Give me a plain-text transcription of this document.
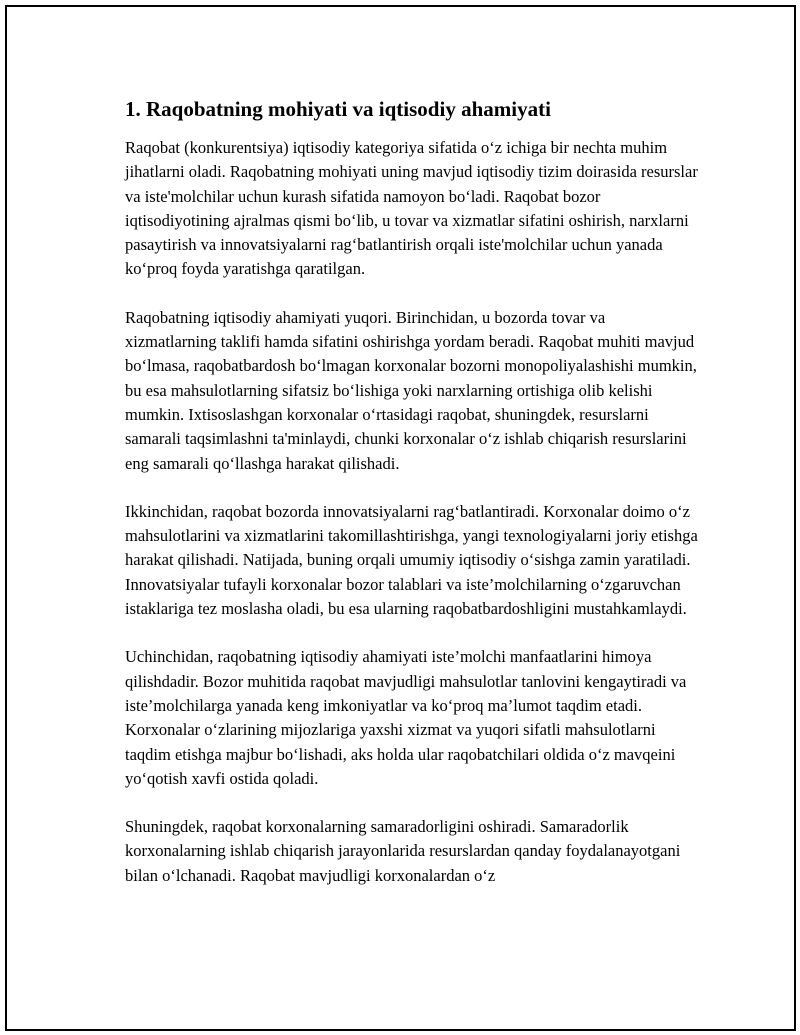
1. Raqobatning mohiyati va iqtisodiy ahamiyati

Raqobat (konkurentsiya) iqtisodiy kategoriya sifatida o‘z ichiga bir nechta muhim jihatlarni oladi. Raqobatning mohiyati uning mavjud iqtisodiy tizim doirasida resurslar va iste'molchilar uchun kurash sifatida namoyon bo‘ladi. Raqobat bozor iqtisodiyotining ajralmas qismi bo‘lib, u tovar va xizmatlar sifatini oshirish, narxlarni pasaytirish va innovatsiyalarni rag‘batlantirish orqali iste'molchilar uchun yanada ko‘proq foyda yaratishga qaratilgan.

Raqobatning iqtisodiy ahamiyati yuqori. Birinchidan, u bozorda tovar va xizmatlarning taklifi hamda sifatini oshirishga yordam beradi. Raqobat muhiti mavjud bo‘lmasa, raqobatbardosh bo‘lmagan korxonalar bozorni monopoliyalashishi mumkin, bu esa mahsulotlarning sifatsiz bo‘lishiga yoki narxlarning ortishiga olib kelishi mumkin. Ixtisoslashgan korxonalar o‘rtasidagi raqobat, shuningdek, resurslarni samarali taqsimlashni ta'minlaydi, chunki korxonalar o‘z ishlab chiqarish resurslarini eng samarali qo‘llashga harakat qilishadi.

Ikkinchidan, raqobat bozorda innovatsiyalarni rag‘batlantiradi. Korxonalar doimo o‘z mahsulotlarini va xizmatlarini takomillashtirishga, yangi texnologiyalarni joriy etishga harakat qilishadi. Natijada, buning orqali umumiy iqtisodiy o‘sishga zamin yaratiladi. Innovatsiyalar tufayli korxonalar bozor talablari va iste’molchilarning o‘zgaruvchan istaklariga tez moslasha oladi, bu esa ularning raqobatbardoshligini mustahkamlaydi.

Uchinchidan, raqobatning iqtisodiy ahamiyati iste’molchi manfaatlarini himoya qilishdadir. Bozor muhitida raqobat mavjudligi mahsulotlar tanlovini kengaytiradi va iste’molchilarga yanada keng imkoniyatlar va ko‘proq ma’lumot taqdim etadi. Korxonalar o‘zlarining mijozlariga yaxshi xizmat va yuqori sifatli mahsulotlarni taqdim etishga majbur bo‘lishadi, aks holda ular raqobatchilari oldida o‘z mavqeini yo‘qotish xavfi ostida qoladi.

Shuningdek, raqobat korxonalarning samaradorligini oshiradi. Samaradorlik korxonalarning ishlab chiqarish jarayonlarida resurslardan qanday foydalanayotgani bilan o‘lchanadi. Raqobat mavjudligi korxonalardan o‘z
